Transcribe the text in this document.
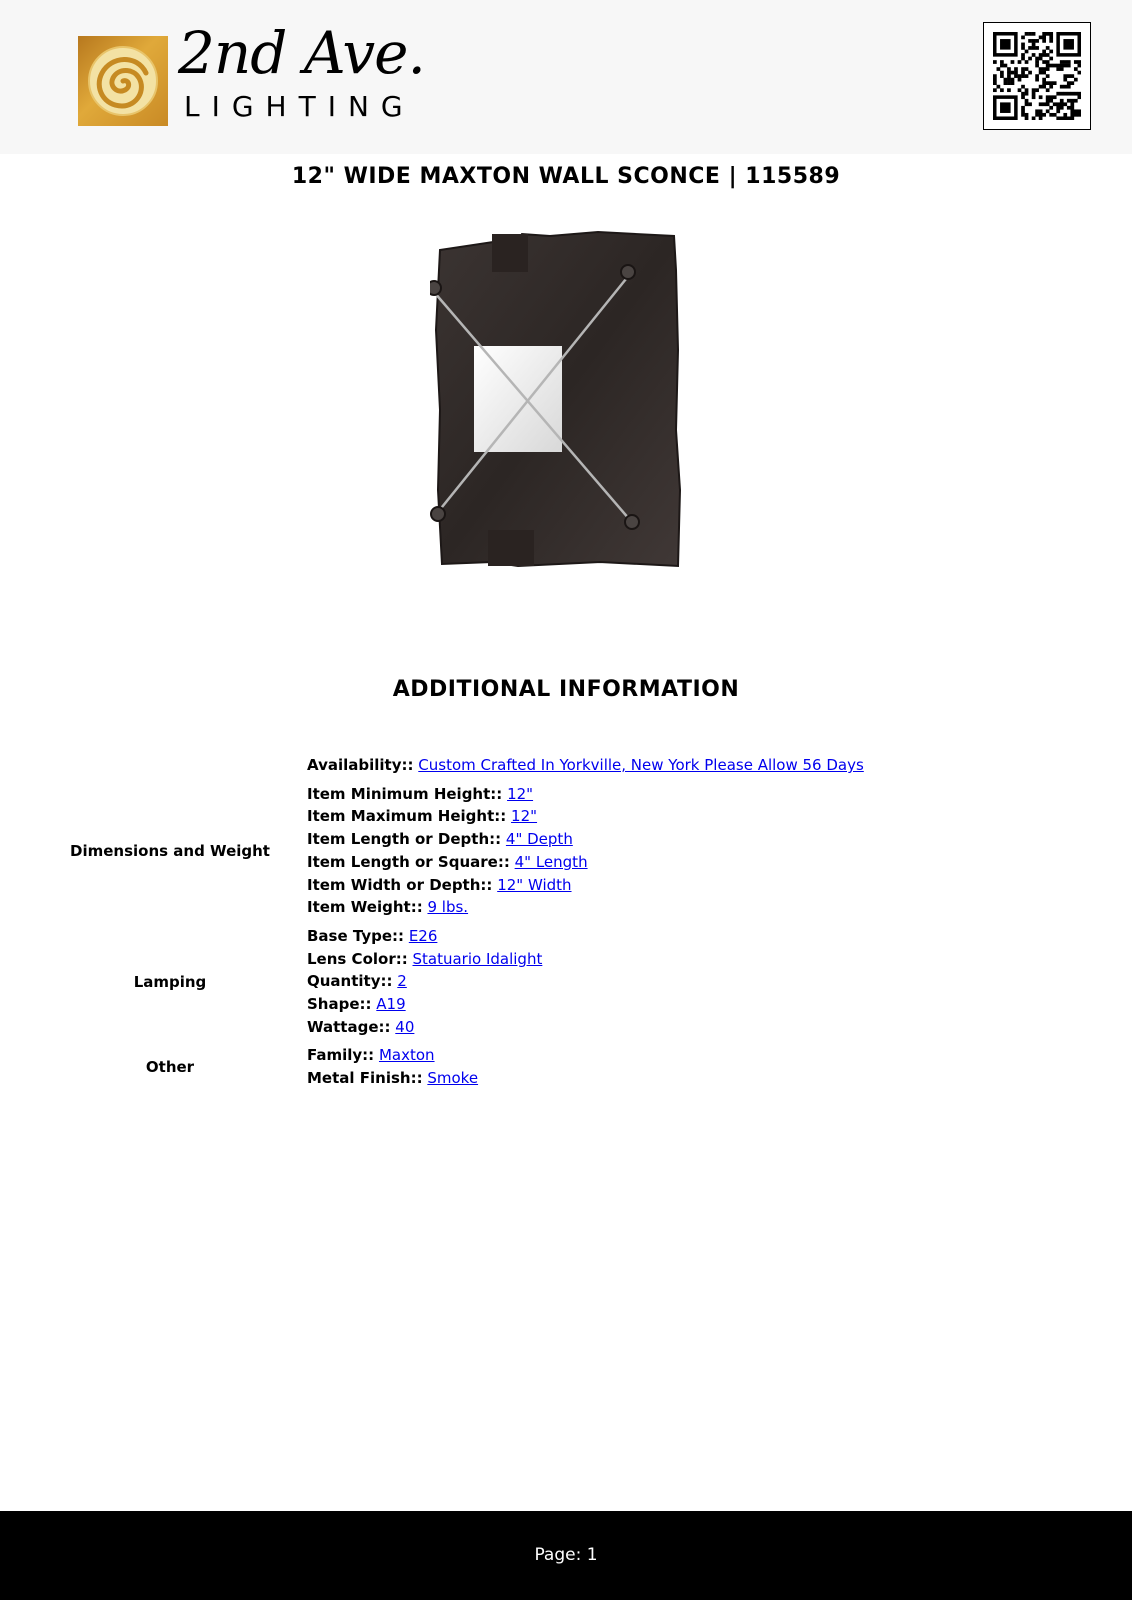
2nd Ave.
LIGHTING
12" WIDE MAXTON WALL SCONCE | 115589
ADDITIONAL INFORMATION
Availability:: Custom Crafted In Yorkville, New York Please Allow 56 Days
Dimensions and Weight
Item Minimum Height:: 12"
Item Maximum Height:: 12"
Item Length or Depth:: 4" Depth
Item Length or Square:: 4" Length
Item Width or Depth:: 12" Width
Item Weight:: 9 lbs.
Lamping
Base Type:: E26
Lens Color:: Statuario Idalight
Quantity:: 2
Shape:: A19
Wattage:: 40
Other
Family:: Maxton
Metal Finish:: Smoke
Page: 1
